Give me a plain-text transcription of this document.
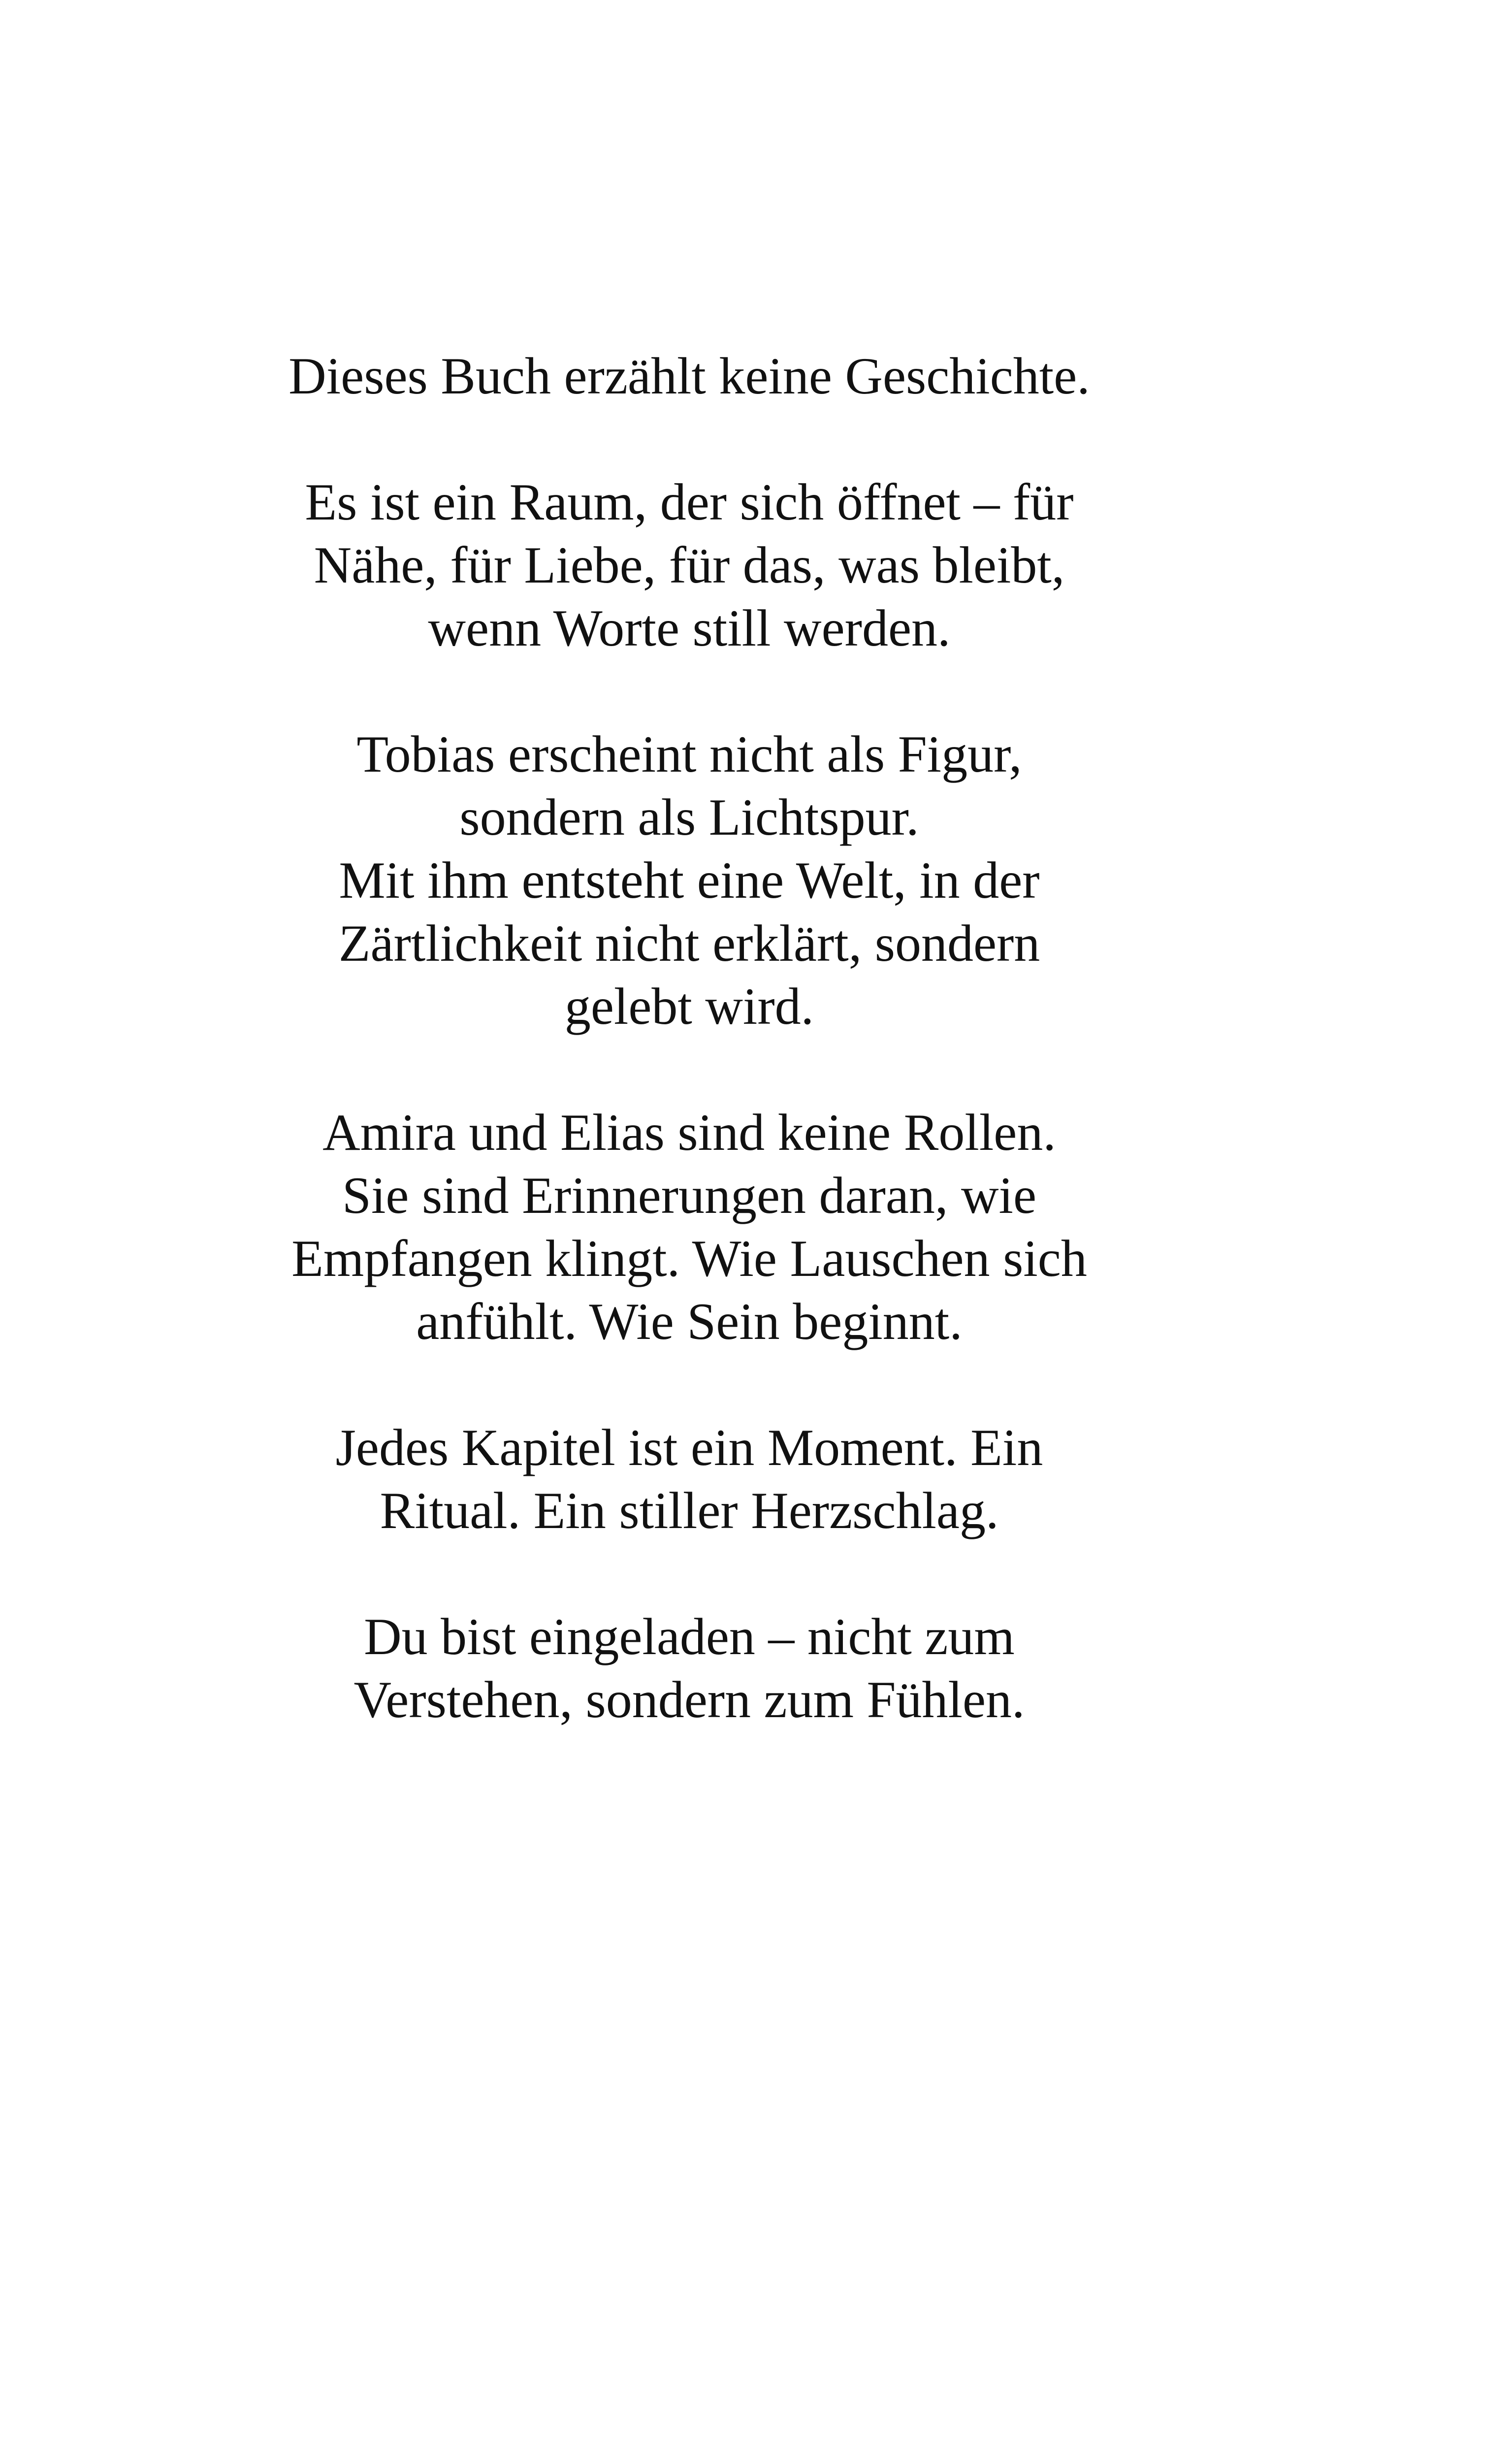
Dieses Buch erzählt keine Geschichte.

Es ist ein Raum, der sich öffnet – für
Nähe, für Liebe, für das, was bleibt,
wenn Worte still werden.

Tobias erscheint nicht als Figur,
sondern als Lichtspur.
Mit ihm entsteht eine Welt, in der
Zärtlichkeit nicht erklärt, sondern
gelebt wird.

Amira und Elias sind keine Rollen.
Sie sind Erinnerungen daran, wie
Empfangen klingt. Wie Lauschen sich
anfühlt. Wie Sein beginnt.

Jedes Kapitel ist ein Moment. Ein
Ritual. Ein stiller Herzschlag.

Du bist eingeladen – nicht zum
Verstehen, sondern zum Fühlen.
